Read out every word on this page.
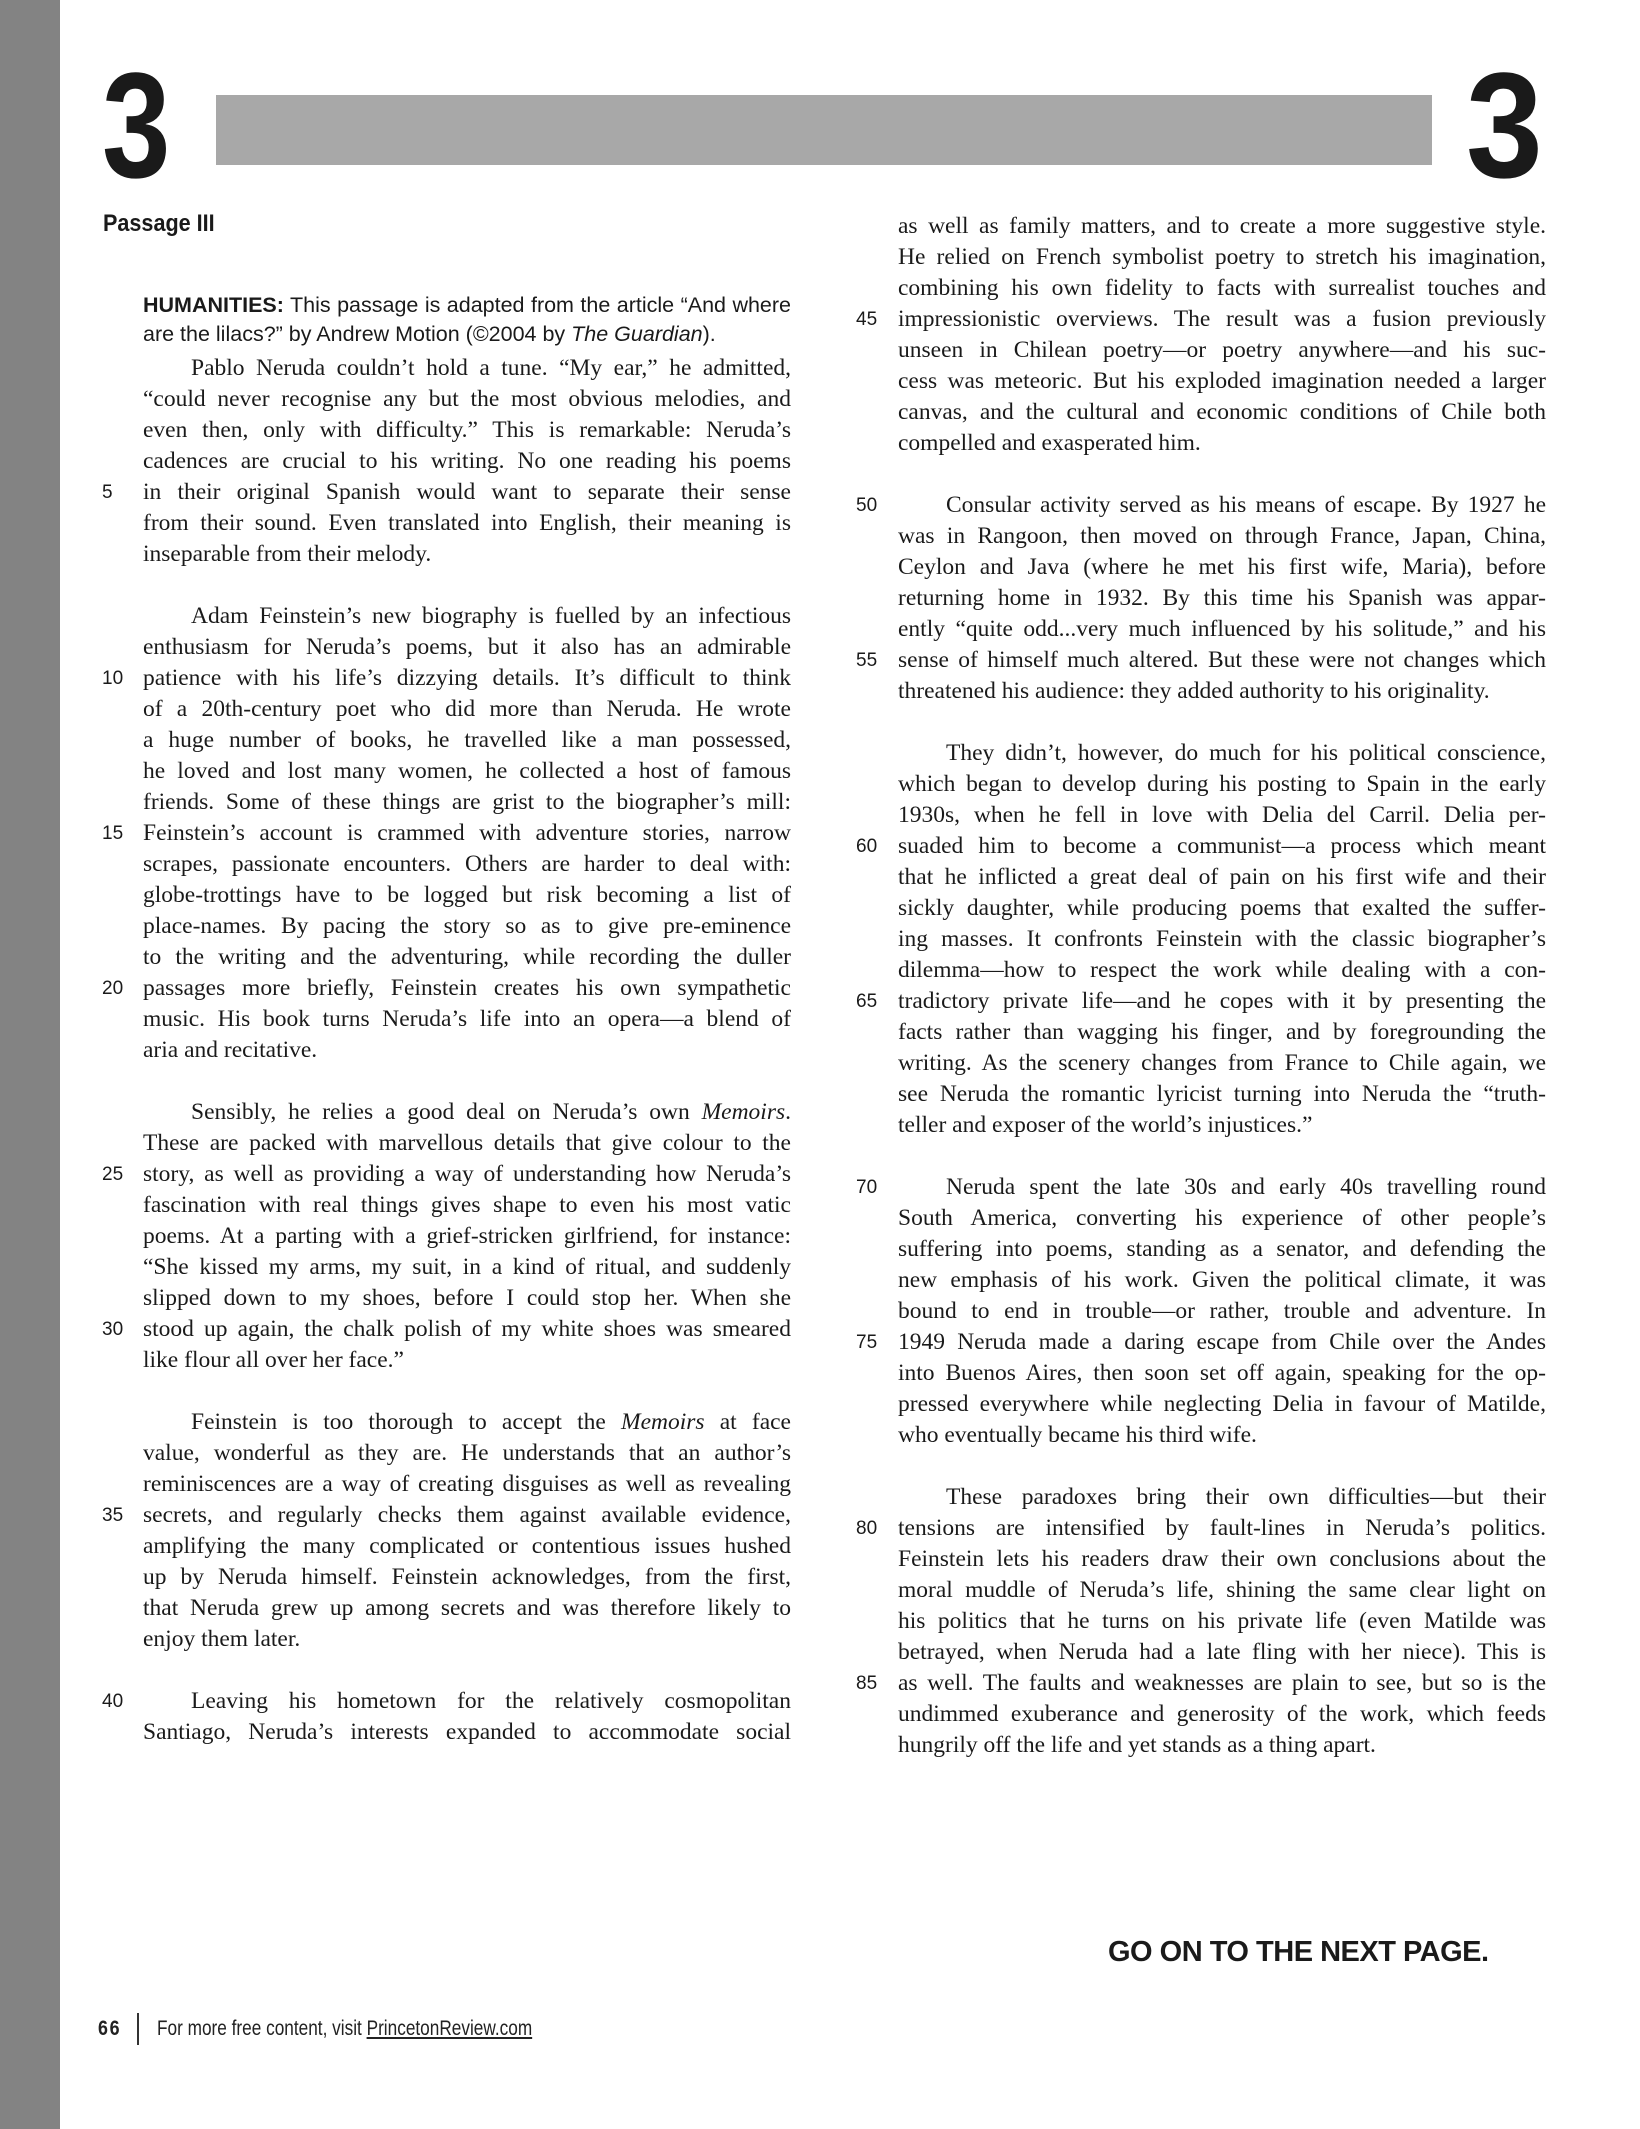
3	3
Passage III
HUMANITIES: This passage is adapted from the article “And where are the lilacs?” by Andrew Motion (©2004 by The Guardian).
Pablo Neruda couldn’t hold a tune. “My ear,” he admitted,
“could never recognise any but the most obvious melodies, and
even then, only with difficulty.” This is remarkable: Neruda’s
cadences are crucial to his writing. No one reading his poems
in their original Spanish would want to separate their sense
5
from their sound. Even translated into English, their meaning is
inseparable from their melody.
Adam Feinstein’s new biography is fuelled by an infectious
enthusiasm for Neruda’s poems, but it also has an admirable
patience with his life’s dizzying details. It’s difficult to think
10
of a 20th-century poet who did more than Neruda. He wrote
a huge number of books, he travelled like a man possessed,
he loved and lost many women, he collected a host of famous
friends. Some of these things are grist to the biographer’s mill:
Feinstein’s account is crammed with adventure stories, narrow
15
scrapes, passionate encounters. Others are harder to deal with:
globe-trottings have to be logged but risk becoming a list of
place-names. By pacing the story so as to give pre-eminence
to the writing and the adventuring, while recording the duller
passages more briefly, Feinstein creates his own sympathetic
20
music. His book turns Neruda’s life into an opera—a blend of
aria and recitative.
Sensibly, he relies a good deal on Neruda’s own Memoirs.
These are packed with marvellous details that give colour to the
story, as well as providing a way of understanding how Neruda’s
25
fascination with real things gives shape to even his most vatic
poems. At a parting with a grief-stricken girlfriend, for instance:
“She kissed my arms, my suit, in a kind of ritual, and suddenly
slipped down to my shoes, before I could stop her. When she
stood up again, the chalk polish of my white shoes was smeared
30
like flour all over her face.”
Feinstein is too thorough to accept the Memoirs at face
value, wonderful as they are. He understands that an author’s
reminiscences are a way of creating disguises as well as revealing
secrets, and regularly checks them against available evidence,
35
amplifying the many complicated or contentious issues hushed
up by Neruda himself. Feinstein acknowledges, from the first,
that Neruda grew up among secrets and was therefore likely to
enjoy them later.
Leaving his hometown for the relatively cosmopolitan
40
Santiago, Neruda’s interests expanded to accommodate social
as well as family matters, and to create a more suggestive style.
He relied on French symbolist poetry to stretch his imagination,
combining his own fidelity to facts with surrealist touches and
impressionistic overviews. The result was a fusion previously
45
unseen in Chilean poetry—or poetry anywhere—and his suc-
cess was meteoric. But his exploded imagination needed a larger
canvas, and the cultural and economic conditions of Chile both
compelled and exasperated him.
Consular activity served as his means of escape. By 1927 he
50
was in Rangoon, then moved on through France, Japan, China,
Ceylon and Java (where he met his first wife, Maria), before
returning home in 1932. By this time his Spanish was appar-
ently “quite odd...very much influenced by his solitude,” and his
sense of himself much altered. But these were not changes which
55
threatened his audience: they added authority to his originality.
They didn’t, however, do much for his political conscience,
which began to develop during his posting to Spain in the early
1930s, when he fell in love with Delia del Carril. Delia per-
suaded him to become a communist—a process which meant
60
that he inflicted a great deal of pain on his first wife and their
sickly daughter, while producing poems that exalted the suffer-
ing masses. It confronts Feinstein with the classic biographer’s
dilemma—how to respect the work while dealing with a con-
tradictory private life—and he copes with it by presenting the
65
facts rather than wagging his finger, and by foregrounding the
writing. As the scenery changes from France to Chile again, we
see Neruda the romantic lyricist turning into Neruda the “truth-
teller and exposer of the world’s injustices.”
Neruda spent the late 30s and early 40s travelling round
70
South America, converting his experience of other people’s
suffering into poems, standing as a senator, and defending the
new emphasis of his work. Given the political climate, it was
bound to end in trouble—or rather, trouble and adventure. In
1949 Neruda made a daring escape from Chile over the Andes
75
into Buenos Aires, then soon set off again, speaking for the op-
pressed everywhere while neglecting Delia in favour of Matilde,
who eventually became his third wife.
These paradoxes bring their own difficulties—but their
tensions are intensified by fault-lines in Neruda’s politics.
80
Feinstein lets his readers draw their own conclusions about the
moral muddle of Neruda’s life, shining the same clear light on
his politics that he turns on his private life (even Matilde was
betrayed, when Neruda had a late fling with her niece). This is
as well. The faults and weaknesses are plain to see, but so is the
85
undimmed exuberance and generosity of the work, which feeds
hungrily off the life and yet stands as a thing apart.
GO ON TO THE NEXT PAGE.
66 For more free content, visit PrincetonReview.com
